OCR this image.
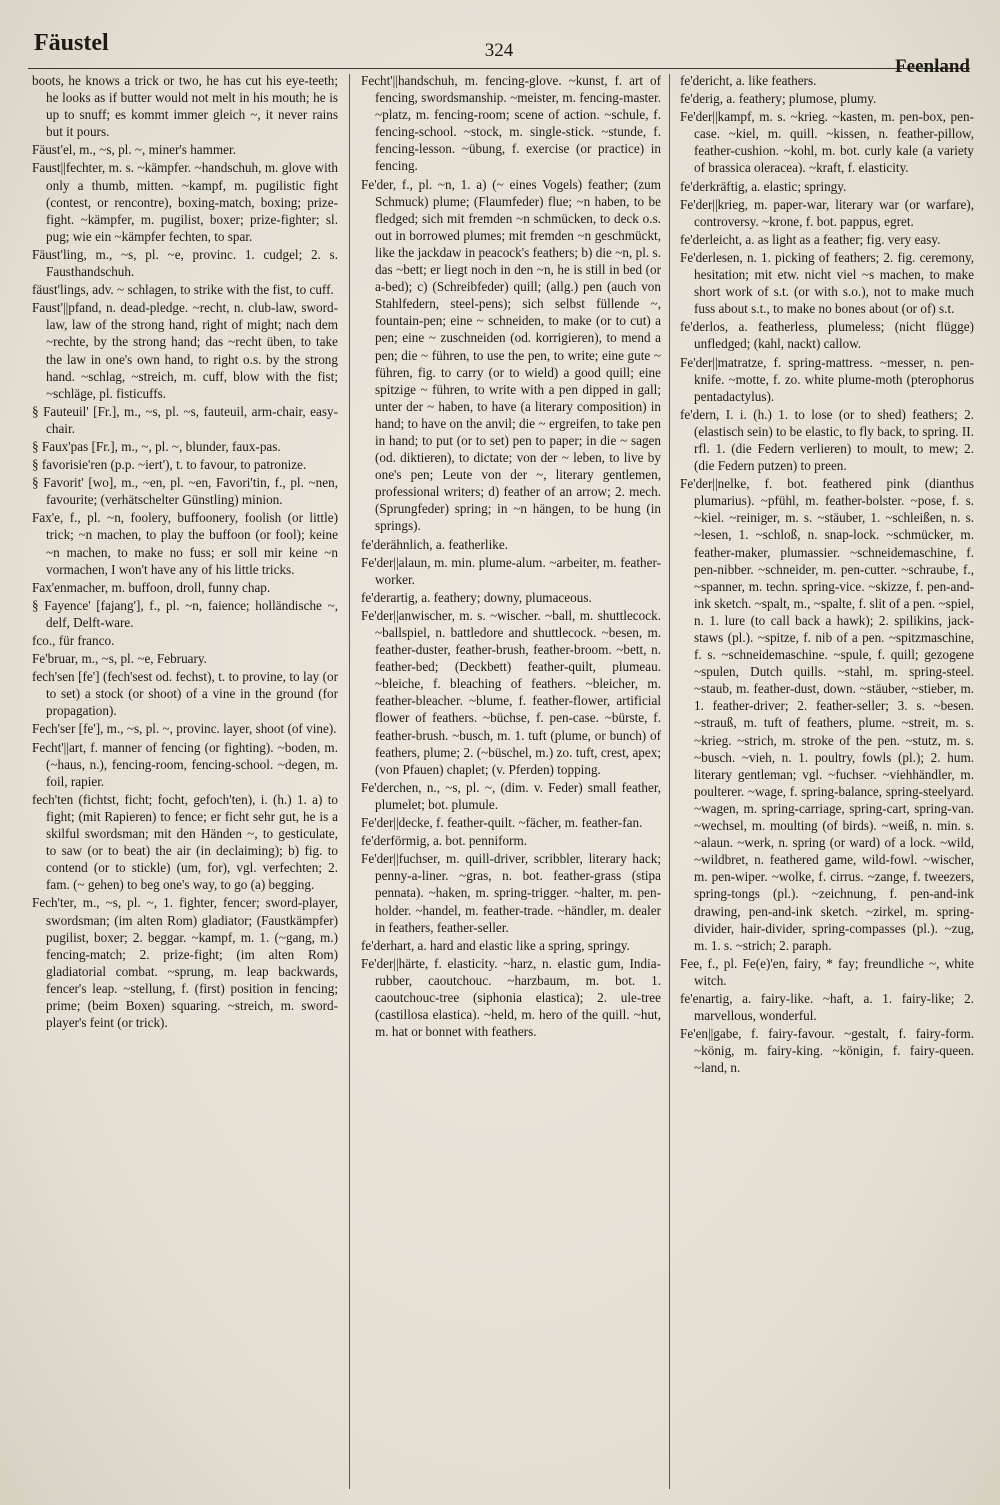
Fäustel	324
Feenland

boots, he knows a trick or two, he has cut his eye-teeth; he looks as if butter would not melt in his mouth; he is up to snuff; es kommt immer gleich ~, it never rains but it pours.

Fäust'el, m., ~s, pl. ~, miner's hammer.

Faust||fechter, m. s. ~kämpfer. ~handschuh, m. glove with only a thumb, mitten. ~kampf, m. pugilistic fight (contest, or rencontre), boxing-match, boxing; prize-fight. ~kämpfer, m. pugilist, boxer; prize-fighter; sl. pug; wie ein ~kämpfer fechten, to spar.

Fäust'ling, m., ~s, pl. ~e, provinc. 1. cudgel; 2. s. Fausthandschuh.

fäust'lings, adv. ~ schlagen, to strike with the fist, to cuff.

Faust'||pfand, n. dead-pledge. ~recht, n. club-law, sword-law, law of the strong hand, right of might; nach dem ~rechte, by the strong hand; das ~recht üben, to take the law in one's own hand, to right o.s. by the strong hand. ~schlag, ~streich, m. cuff, blow with the fist; ~schläge, pl. fisticuffs.

§ Fauteuil' [Fr.], m., ~s, pl. ~s, fauteuil, arm-chair, easy-chair.

§ Faux'pas [Fr.], m., ~, pl. ~, blunder, faux-pas.

§ favorisie'ren (p.p. ~iert'), t. to favour, to patronize.

§ Favorit' [wo], m., ~en, pl. ~en, Favori'tin, f., pl. ~nen, favourite; (verhätschelter Günstling) minion.

Fax'e, f., pl. ~n, foolery, buffoonery, foolish (or little) trick; ~n machen, to play the buffoon (or fool); keine ~n machen, to make no fuss; er soll mir keine ~n vormachen, I won't have any of his little tricks.

Fax'enmacher, m. buffoon, droll, funny chap.

§ Fayence' [fajang'], f., pl. ~n, faience; holländische ~, delf, Delft-ware.

fco., für franco.

Fe'bruar, m., ~s, pl. ~e, February.

fech'sen [fe'] (fech'sest od. fechst), t. to provine, to lay (or to set) a stock (or shoot) of a vine in the ground (for propagation).

Fech'ser [fe'], m., ~s, pl. ~, provinc. layer, shoot (of vine).

Fecht'||art, f. manner of fencing (or fighting). ~boden, m. (~haus, n.), fencing-room, fencing-school. ~degen, m. foil, rapier.

fech'ten (fichtst, ficht; focht, gefoch'ten), i. (h.) 1. a) to fight; (mit Rapieren) to fence; er ficht sehr gut, he is a skilful swordsman; mit den Händen ~, to gesticulate, to saw (or to beat) the air (in declaiming); b) fig. to contend (or to stickle) (um, for), vgl. verfechten; 2. fam. (~ gehen) to beg one's way, to go (a) begging.

Fech'ter, m., ~s, pl. ~, 1. fighter, fencer; sword-player, swordsman; (im alten Rom) gladiator; (Faustkämpfer) pugilist, boxer; 2. beggar. ~kampf, m. 1. (~gang, m.) fencing-match; 2. prize-fight; (im alten Rom) gladiatorial combat. ~sprung, m. leap backwards, fencer's leap. ~stellung, f. (first) position in fencing; prime; (beim Boxen) squaring. ~streich, m. sword-player's feint (or trick).

Fecht'||handschuh, m. fencing-glove. ~kunst, f. art of fencing, swordsmanship. ~meister, m. fencing-master. ~platz, m. fencing-room; scene of action. ~schule, f. fencing-school. ~stock, m. single-stick. ~stunde, f. fencing-lesson. ~übung, f. exercise (or practice) in fencing.

Fe'der, f., pl. ~n, 1. a) (~ eines Vogels) feather; (zum Schmuck) plume; (Flaumfeder) flue; ~n haben, to be fledged; sich mit fremden ~n schmücken, to deck o.s. out in borrowed plumes; mit fremden ~n geschmückt, like the jackdaw in peacock's feathers; b) die ~n, pl. s. das ~bett; er liegt noch in den ~n, he is still in bed (or a-bed); c) (Schreibfeder) quill; (allg.) pen (auch von Stahlfedern, steel-pens); sich selbst füllende ~, fountain-pen; eine ~ schneiden, to make (or to cut) a pen; eine ~ zuschneiden (od. korrigieren), to mend a pen; die ~ führen, to use the pen, to write; eine gute ~ führen, fig. to carry (or to wield) a good quill; eine spitzige ~ führen, to write with a pen dipped in gall; unter der ~ haben, to have (a literary composition) in hand; to have on the anvil; die ~ ergreifen, to take pen in hand; to put (or to set) pen to paper; in die ~ sagen (od. diktieren), to dictate; von der ~ leben, to live by one's pen; Leute von der ~, literary gentlemen, professional writers; d) feather of an arrow; 2. mech. (Sprungfeder) spring; in ~n hängen, to be hung (in springs).

fe'derähnlich, a. featherlike.

Fe'der||alaun, m. min. plume-alum. ~arbeiter, m. feather-worker.

fe'derartig, a. feathery; downy, plumaceous.

Fe'der||anwischer, m. s. ~wischer. ~ball, m. shuttlecock. ~ballspiel, n. battledore and shuttlecock. ~besen, m. feather-duster, feather-brush, feather-broom. ~bett, n. feather-bed; (Deckbett) feather-quilt, plumeau. ~bleiche, f. bleaching of feathers. ~bleicher, m. feather-bleacher. ~blume, f. feather-flower, artificial flower of feathers. ~büchse, f. pen-case. ~bürste, f. feather-brush. ~busch, m. 1. tuft (plume, or bunch) of feathers, plume; 2. (~büschel, m.) zo. tuft, crest, apex; (von Pfauen) chaplet; (v. Pferden) topping.

Fe'derchen, n., ~s, pl. ~, (dim. v. Feder) small feather, plumelet; bot. plumule.

Fe'der||decke, f. feather-quilt. ~fächer, m. feather-fan.

fe'derförmig, a. bot. penniform.

Fe'der||fuchser, m. quill-driver, scribbler, literary hack; penny-a-liner. ~gras, n. bot. feather-grass (stipa pennata). ~haken, m. spring-trigger. ~halter, m. pen-holder. ~handel, m. feather-trade. ~händler, m. dealer in feathers, feather-seller.

fe'derhart, a. hard and elastic like a spring, springy.

Fe'der||härte, f. elasticity. ~harz, n. elastic gum, India-rubber, caoutchouc. ~harzbaum, m. bot. 1. caoutchouc-tree (siphonia elastica); 2. ule-tree (castillosa elastica). ~held, m. hero of the quill. ~hut, m. hat or bonnet with feathers.

fe'dericht, a. like feathers.

fe'derig, a. feathery; plumose, plumy.

Fe'der||kampf, m. s. ~krieg. ~kasten, m. pen-box, pen-case. ~kiel, m. quill. ~kissen, n. feather-pillow, feather-cushion. ~kohl, m. bot. curly kale (a variety of brassica oleracea). ~kraft, f. elasticity.

fe'derkräftig, a. elastic; springy.

Fe'der||krieg, m. paper-war, literary war (or warfare), controversy. ~krone, f. bot. pappus, egret.

fe'derleicht, a. as light as a feather; fig. very easy.

Fe'derlesen, n. 1. picking of feathers; 2. fig. ceremony, hesitation; mit etw. nicht viel ~s machen, to make short work of s.t. (or with s.o.), not to make much fuss about s.t., to make no bones about (or of) s.t.

fe'derlos, a. featherless, plumeless; (nicht flügge) unfledged; (kahl, nackt) callow.

Fe'der||matratze, f. spring-mattress. ~messer, n. pen-knife. ~motte, f. zo. white plume-moth (pterophorus pentadactylus).

fe'dern, I. i. (h.) 1. to lose (or to shed) feathers; 2. (elastisch sein) to be elastic, to fly back, to spring. II. rfl. 1. (die Federn verlieren) to moult, to mew; 2. (die Federn putzen) to preen.

Fe'der||nelke, f. bot. feathered pink (dianthus plumarius). ~pfühl, m. feather-bolster. ~pose, f. s. ~kiel. ~reiniger, m. s. ~stäuber, 1. ~schleißen, n. s. ~lesen, 1. ~schloß, n. snap-lock. ~schmücker, m. feather-maker, plumassier. ~schneidemaschine, f. pen-nibber. ~schneider, m. pen-cutter. ~schraube, f., ~spanner, m. techn. spring-vice. ~skizze, f. pen-and-ink sketch. ~spalt, m., ~spalte, f. slit of a pen. ~spiel, n. 1. lure (to call back a hawk); 2. spilikins, jack-staws (pl.). ~spitze, f. nib of a pen. ~spitzmaschine, f. s. ~schneidemaschine. ~spule, f. quill; gezogene ~spulen, Dutch quills. ~stahl, m. spring-steel. ~staub, m. feather-dust, down. ~stäuber, ~stieber, m. 1. feather-driver; 2. feather-seller; 3. s. ~besen. ~strauß, m. tuft of feathers, plume. ~streit, m. s. ~krieg. ~strich, m. stroke of the pen. ~stutz, m. s. ~busch. ~vieh, n. 1. poultry, fowls (pl.); 2. hum. literary gentleman; vgl. ~fuchser. ~viehhändler, m. poulterer. ~wage, f. spring-balance, spring-steelyard. ~wagen, m. spring-carriage, spring-cart, spring-van. ~wechsel, m. moulting (of birds). ~weiß, n. min. s. ~alaun. ~werk, n. spring (or ward) of a lock. ~wild, ~wildbret, n. feathered game, wild-fowl. ~wischer, m. pen-wiper. ~wolke, f. cirrus. ~zange, f. tweezers, spring-tongs (pl.). ~zeichnung, f. pen-and-ink drawing, pen-and-ink sketch. ~zirkel, m. spring-divider, hair-divider, spring-compasses (pl.). ~zug, m. 1. s. ~strich; 2. paraph.

Fee, f., pl. Fe(e)'en, fairy, * fay; freundliche ~, white witch.

fe'enartig, a. fairy-like. ~haft, a. 1. fairy-like; 2. marvellous, wonderful.

Fe'en||gabe, f. fairy-favour. ~gestalt, f. fairy-form. ~könig, m. fairy-king. ~königin, f. fairy-queen. ~land, n.
